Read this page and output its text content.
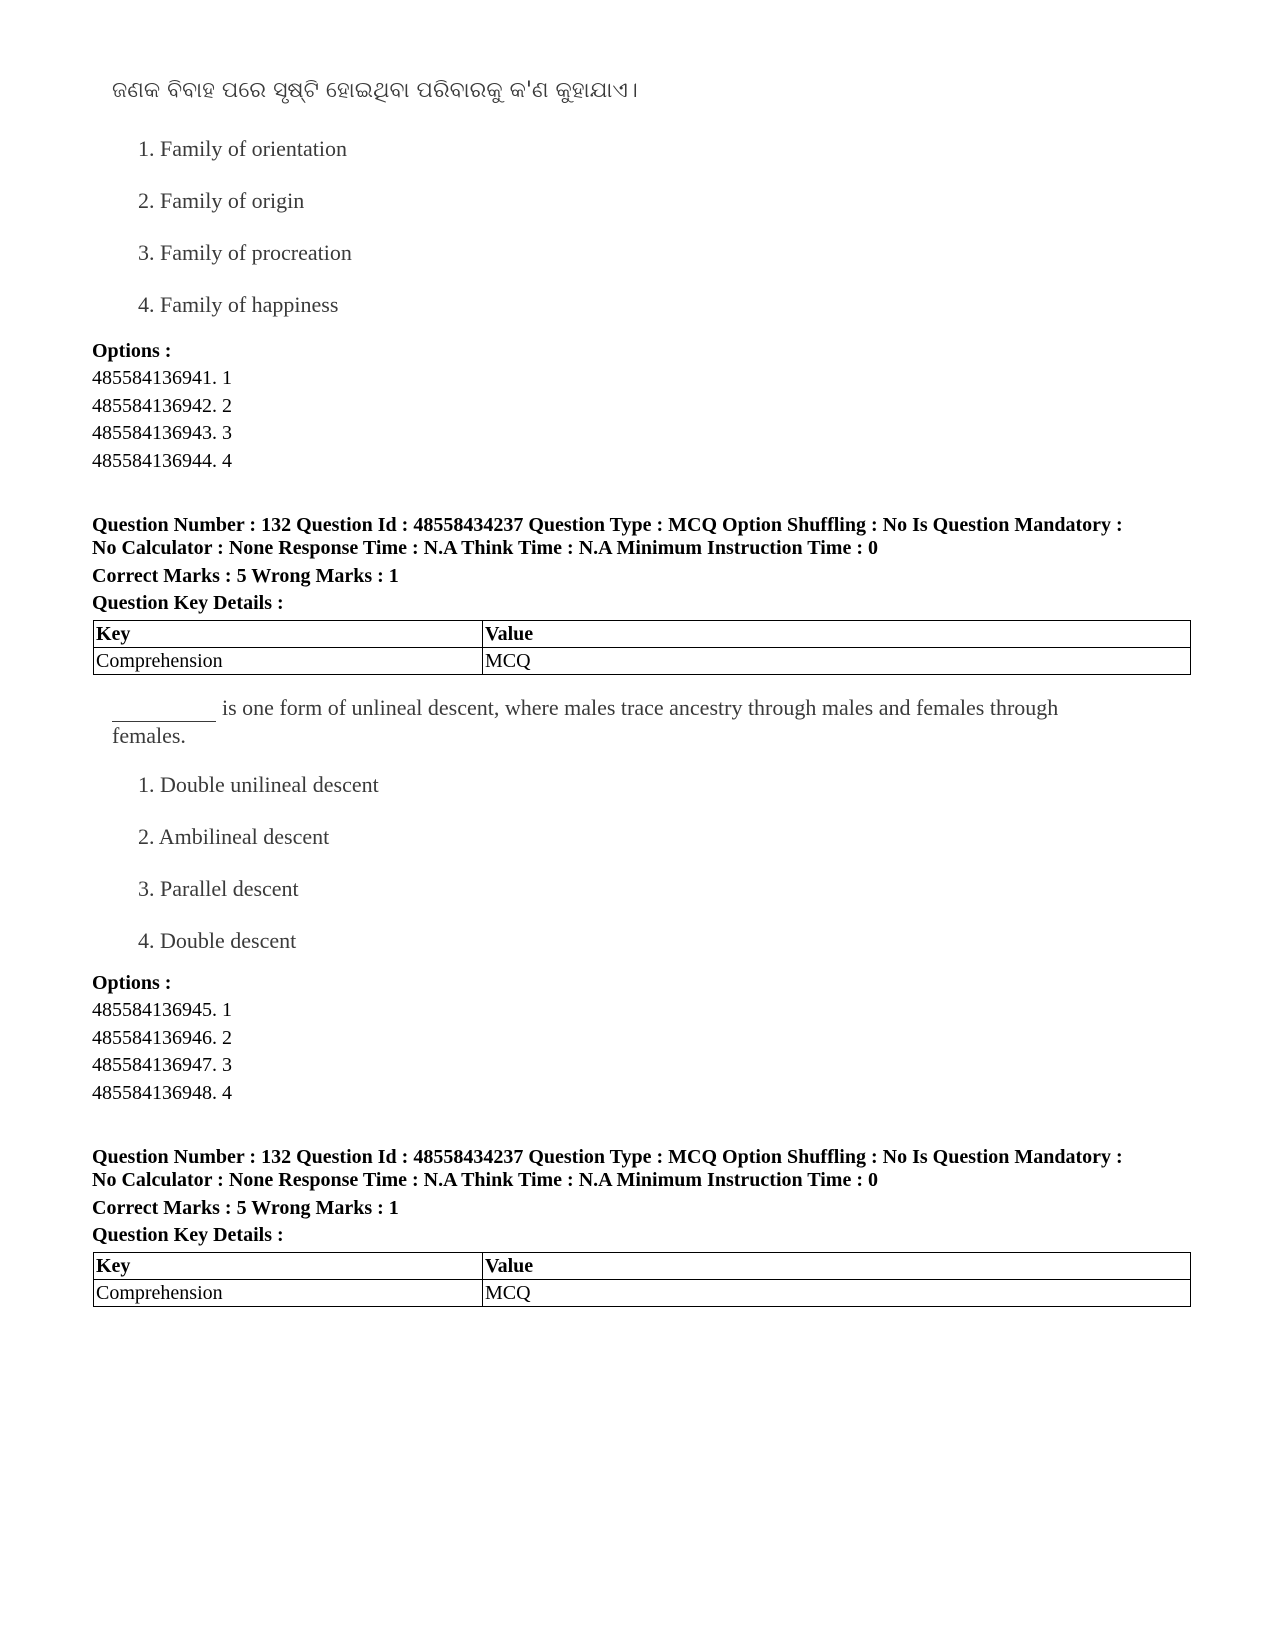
ଜଣକ ବିବାହ ପରେ ସୃଷ୍ଟି ହୋଇଥିବା ପରିବାରକୁ କ'ଣ କୁହାଯାଏ।
1. Family of orientation
2. Family of origin
3. Family of procreation
4. Family of happiness
Options :
485584136941. 1
485584136942. 2
485584136943. 3
485584136944. 4
Question Number : 132 Question Id : 48558434237 Question Type : MCQ Option Shuffling : No Is Question Mandatory :
No Calculator : None Response Time : N.A Think Time : N.A Minimum Instruction Time : 0
Correct Marks : 5 Wrong Marks : 1
Question Key Details :
Key	Value
Comprehension	MCQ
is one form of unlineal descent, where males trace ancestry through males and females through
females.
1. Double unilineal descent
2. Ambilineal descent
3. Parallel descent
4. Double descent
Options :
485584136945. 1
485584136946. 2
485584136947. 3
485584136948. 4
Question Number : 132 Question Id : 48558434237 Question Type : MCQ Option Shuffling : No Is Question Mandatory :
No Calculator : None Response Time : N.A Think Time : N.A Minimum Instruction Time : 0
Correct Marks : 5 Wrong Marks : 1
Question Key Details :
Key	Value
Comprehension	MCQ
